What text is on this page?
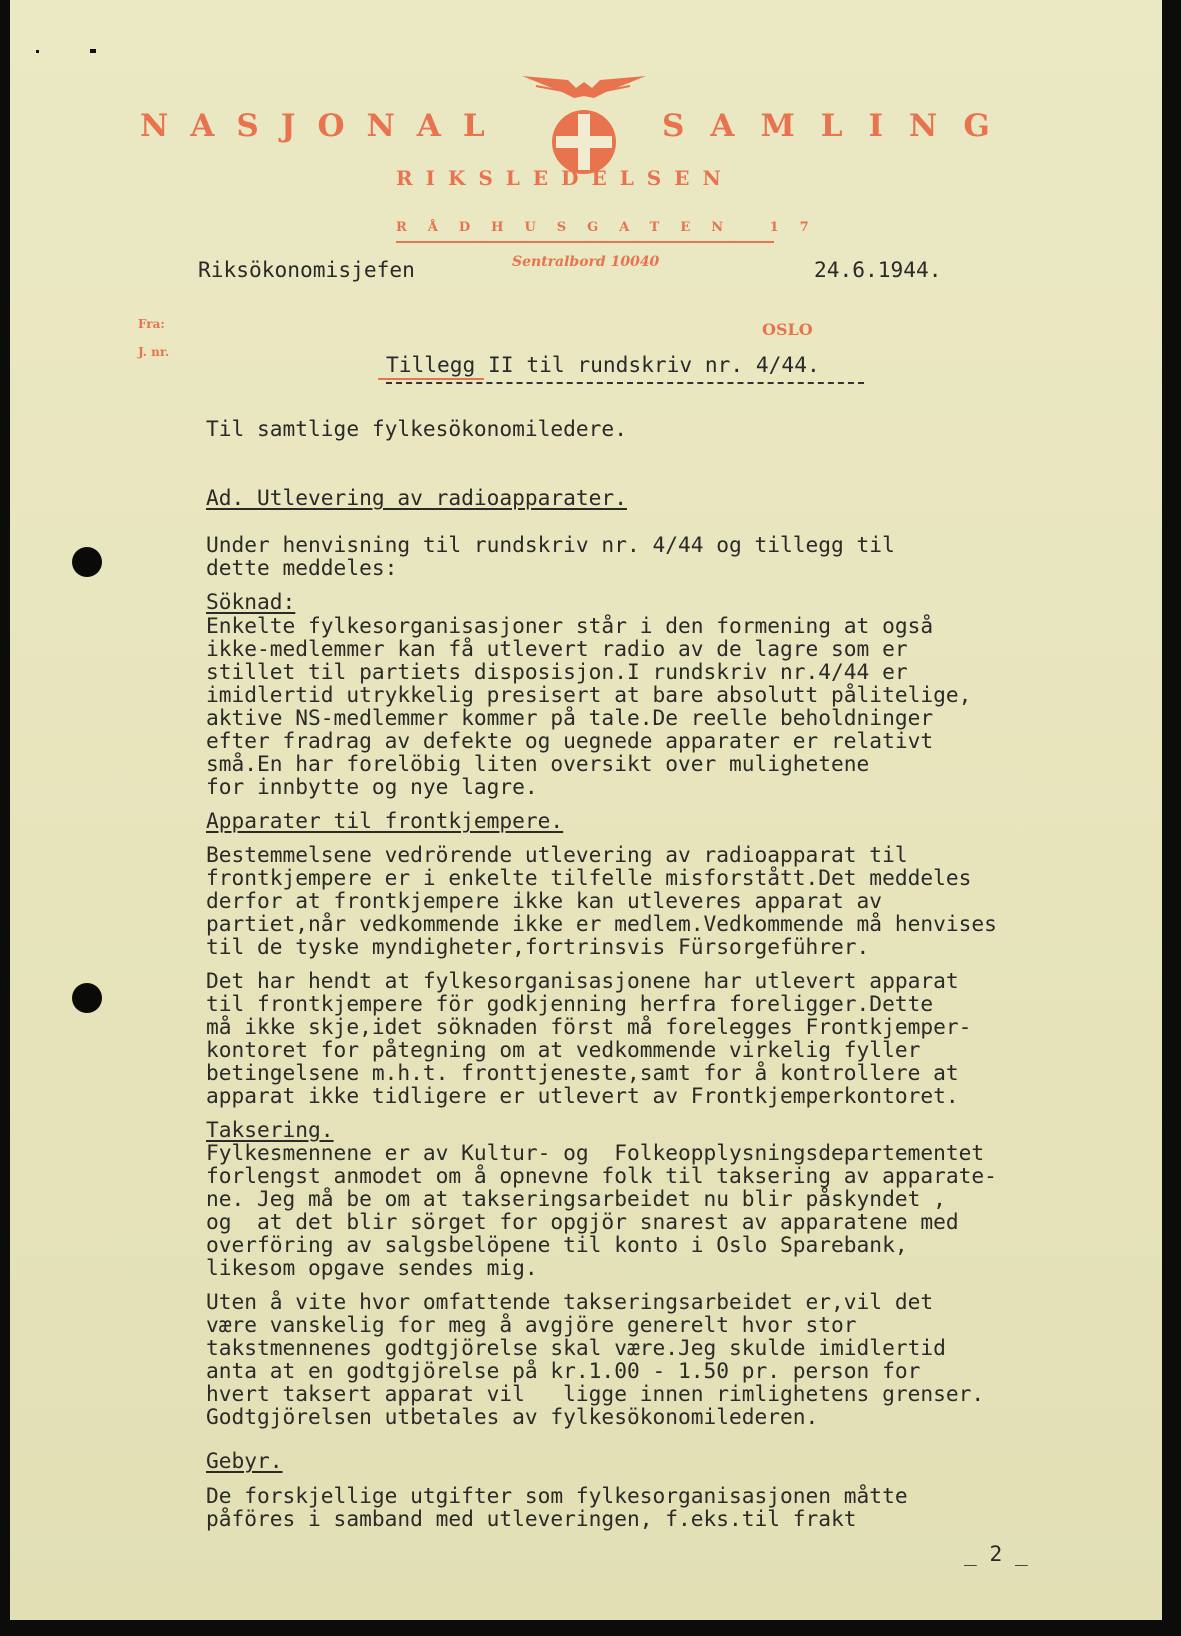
NASJONAL	SAMLING
RIKSLEDELSEN
RÅDHUSGATEN 17
Sentralbord 10040
Fra:
J. nr.
OSLO
Riksökonomisjefen	24.6.1944.
Tillegg II til rundskriv nr. 4/44.
Til samtlige fylkesökonomiledere.
Ad. Utlevering av radioapparater.
Under henvisning til rundskriv nr. 4/44 og tillegg til
dette meddeles:
Söknad:
Enkelte fylkesorganisasjoner står i den formening at også
ikke-medlemmer kan få utlevert radio av de lagre som er
stillet til partiets disposisjon.I rundskriv nr.4/44 er
imidlertid utrykkelig presisert at bare absolutt pålitelige,
aktive NS-medlemmer kommer på tale.De reelle beholdninger
efter fradrag av defekte og uegnede apparater er relativt
små.En har forelöbig liten oversikt over mulighetene
for innbytte og nye lagre.
Apparater til frontkjempere.
Bestemmelsene vedrörende utlevering av radioapparat til
frontkjempere er i enkelte tilfelle misforstått.Det meddeles
derfor at frontkjempere ikke kan utleveres apparat av
partiet,når vedkommende ikke er medlem.Vedkommende må henvises
til de tyske myndigheter,fortrinsvis Fürsorgeführer.
Det har hendt at fylkesorganisasjonene har utlevert apparat
til frontkjempere för godkjenning herfra foreligger.Dette
må ikke skje,idet söknaden först må forelegges Frontkjemper-
kontoret for påtegning om at vedkommende virkelig fyller
betingelsene m.h.t. fronttjeneste,samt for å kontrollere at
apparat ikke tidligere er utlevert av Frontkjemperkontoret.
Taksering.
Fylkesmennene er av Kultur- og  Folkeopplysningsdepartementet
forlengst anmodet om å opnevne folk til taksering av apparate-
ne. Jeg må be om at takseringsarbeidet nu blir påskyndet ,
og  at det blir sörget for opgjör snarest av apparatene med
overföring av salgsbelöpene til konto i Oslo Sparebank,
likesom opgave sendes mig.
Uten å vite hvor omfattende takseringsarbeidet er,vil det
være vanskelig for meg å avgjöre generelt hvor stor
takstmennenes godtgjörelse skal være.Jeg skulde imidlertid
anta at en godtgjörelse på kr.1.00 - 1.50 pr. person for
hvert taksert apparat vil   ligge innen rimlighetens grenser.
Godtgjörelsen utbetales av fylkesökonomilederen.
Gebyr.
De forskjellige utgifter som fylkesorganisasjonen måtte
påföres i samband med utleveringen, f.eks.til frakt
_ 2 _
